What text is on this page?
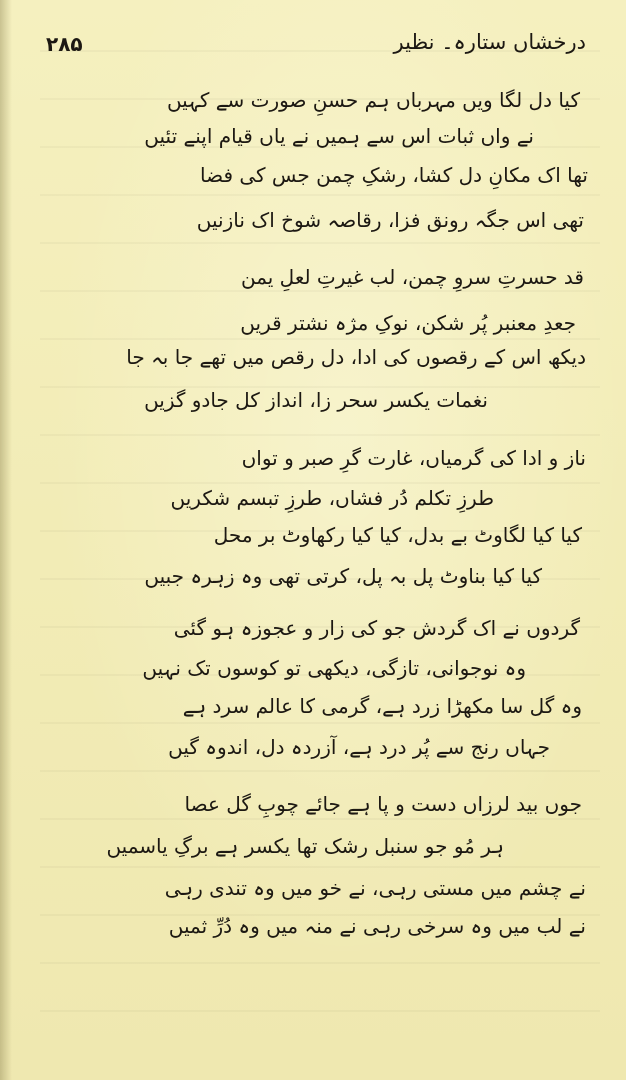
۲۸۵	درخشاں ستارہ۔ نظیر
کیا دل لگا ویں مہرباں ہم حسنِ صورت سے کہیں
نے واں ثبات اس سے ہمیں نے یاں قیام اپنے تئیں
تھا اک مکانِ دل کشا، رشکِ چمن جس کی فضا
تھی اس جگہ رونق فزا، رقاصہ شوخ اک نازنیں
قد حسرتِ سروِ چمن، لب غیرتِ لعلِ یمن
جعدِ معنبر پُر شکن، نوکِ مژہ نشتر قریں
دیکھ اس کے رقصوں کی ادا، دل رقص میں تھے جا بہ جا
نغمات یکسر سحر زا، انداز کل جادو گزیں
ناز و ادا کی گرمیاں، غارت گرِ صبر و تواں
طرزِ تکلم دُر فشاں، طرزِ تبسم شکریں
کیا کیا لگاوٹ بے بدل، کیا کیا رکھاوٹ بر محل
کیا کیا بناوٹ پل بہ پل، کرتی تھی وہ زہرہ جبیں
گردوں نے اک گردش جو کی زار و عجوزہ ہو گئی
وہ نوجوانی، تازگی، دیکھی تو کوسوں تک نہیں
وہ گل سا مکھڑا زرد ہے، گرمی کا عالم سرد ہے
جہاں رنج سے پُر درد ہے، آزردہ دل، اندوہ گیں
جوں بید لرزاں دست و پا ہے جائے چوبِ گل عصا
ہر مُو جو سنبل رشک تھا یکسر ہے برگِ یاسمیں
نے چشم میں مستی رہی، نے خو میں وہ تندی رہی
نے لب میں وہ سرخی رہی نے منہ میں وہ دُرِّ ثمیں
